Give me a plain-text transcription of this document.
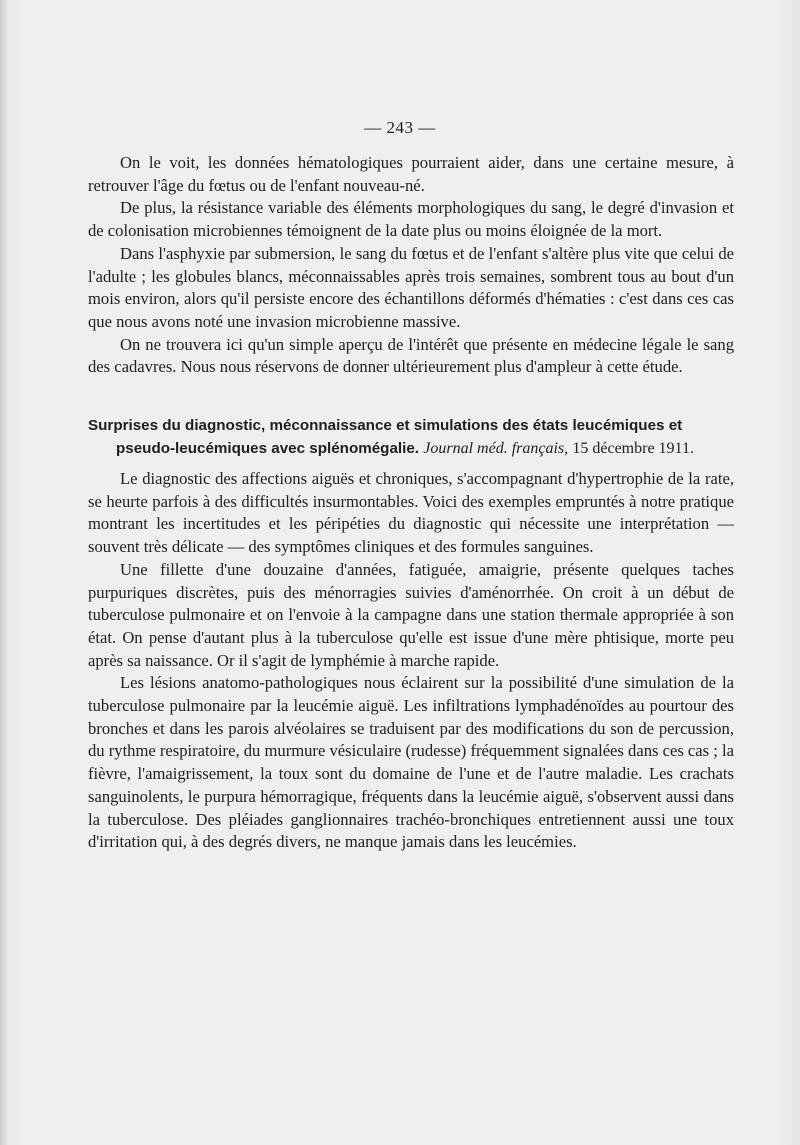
— 243 —

On le voit, les données hématologiques pourraient aider, dans une certaine mesure, à retrouver l'âge du fœtus ou de l'enfant nouveau-né.

De plus, la résistance variable des éléments morphologiques du sang, le degré d'invasion et de colonisation microbiennes témoignent de la date plus ou moins éloignée de la mort.

Dans l'asphyxie par submersion, le sang du fœtus et de l'enfant s'altère plus vite que celui de l'adulte ; les globules blancs, méconnaissables après trois semaines, sombrent tous au bout d'un mois environ, alors qu'il persiste encore des échantillons déformés d'hématies : c'est dans ces cas que nous avons noté une invasion microbienne massive.

On ne trouvera ici qu'un simple aperçu de l'intérêt que présente en médecine légale le sang des cadavres. Nous nous réservons de donner ultérieurement plus d'ampleur à cette étude.

Surprises du diagnostic, méconnaissance et simulations des états leucémiques et pseudo-leucémiques avec splénomégalie. Journal méd. français, 15 décembre 1911.

Le diagnostic des affections aiguës et chroniques, s'accompagnant d'hypertrophie de la rate, se heurte parfois à des difficultés insurmontables. Voici des exemples empruntés à notre pratique montrant les incertitudes et les péripéties du diagnostic qui nécessite une interprétation — souvent très délicate — des symptômes cliniques et des formules sanguines.

Une fillette d'une douzaine d'années, fatiguée, amaigrie, présente quelques taches purpuriques discrètes, puis des ménorragies suivies d'aménorrhée. On croit à un début de tuberculose pulmonaire et on l'envoie à la campagne dans une station thermale appropriée à son état. On pense d'autant plus à la tuberculose qu'elle est issue d'une mère phtisique, morte peu après sa naissance. Or il s'agit de lymphémie à marche rapide.

Les lésions anatomo-pathologiques nous éclairent sur la possibilité d'une simulation de la tuberculose pulmonaire par la leucémie aiguë. Les infiltrations lymphadénoïdes au pourtour des bronches et dans les parois alvéolaires se traduisent par des modifications du son de percussion, du rythme respiratoire, du murmure vésiculaire (rudesse) fréquemment signalées dans ces cas ; la fièvre, l'amaigrissement, la toux sont du domaine de l'une et de l'autre maladie. Les crachats sanguinolents, le purpura hémorragique, fréquents dans la leucémie aiguë, s'observent aussi dans la tuberculose. Des pléiades ganglionnaires trachéo-bronchiques entretiennent aussi une toux d'irritation qui, à des degrés divers, ne manque jamais dans les leucémies.
